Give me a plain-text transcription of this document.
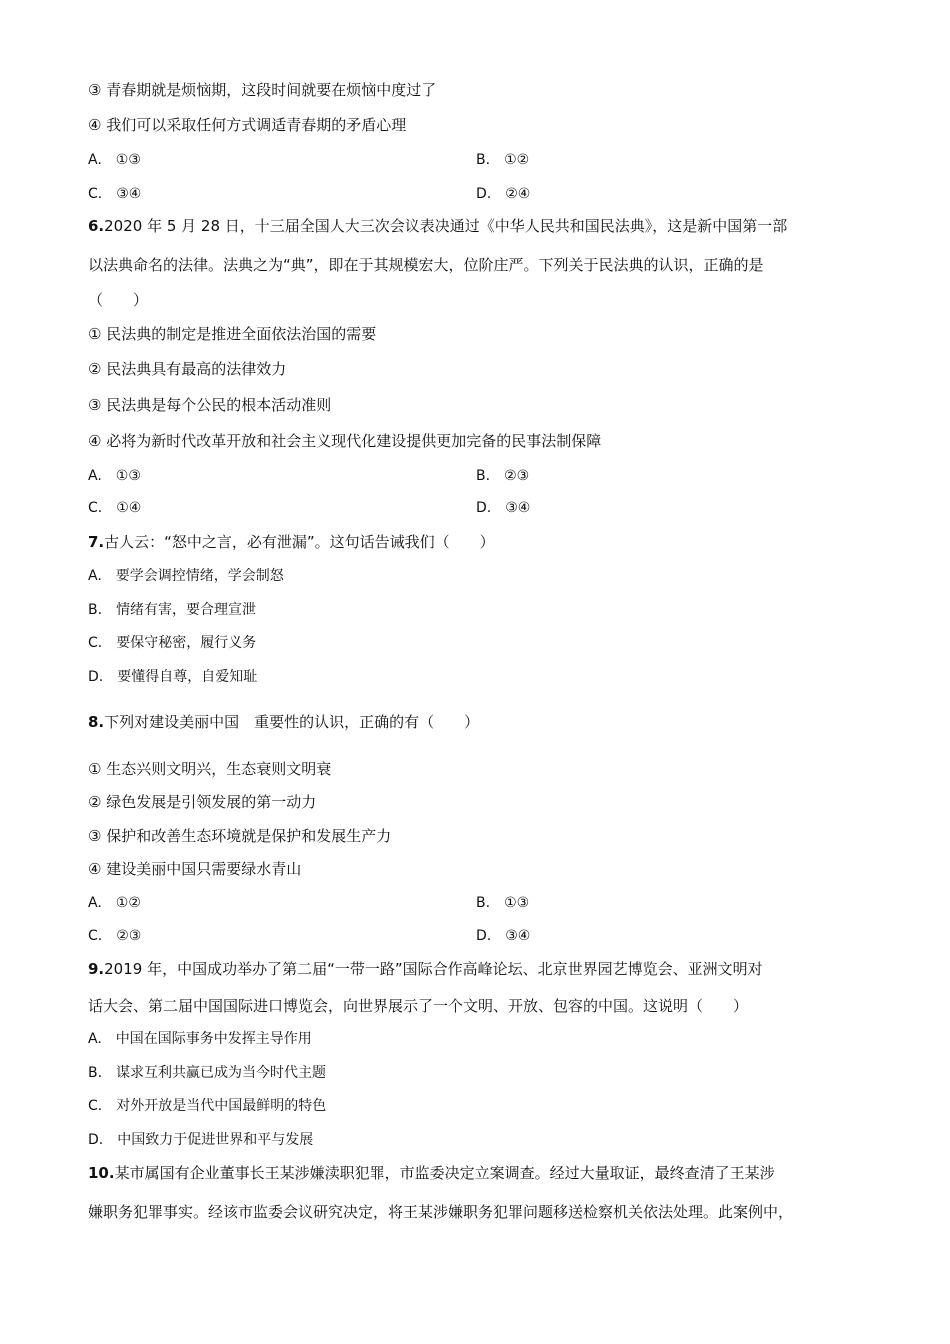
③ 青春期就是烦恼期，这段时间就要在烦恼中度过了
④ 我们可以采取任何方式调适青春期的矛盾心理
A. ①③	B. ①②
C. ③④	D. ②④
6.2020 年 5 月 28 日，十三届全国人大三次会议表决通过《中华人民共和国民法典》，这是新中国第一部
以法典命名的法律。法典之为“典”，即在于其规模宏大，位阶庄严。下列关于民法典的认识，正确的是
（　　）
① 民法典的制定是推进全面依法治国的需要
② 民法典具有最高的法律效力
③ 民法典是每个公民的根本活动准则
④ 必将为新时代改革开放和社会主义现代化建设提供更加完备的民事法制保障
A. ①③	B. ②③
C. ①④	D. ③④
7.古人云：“怒中之言，必有泄漏”。这句话告诫我们（　　）
A. 要学会调控情绪，学会制怒
B. 情绪有害，要合理宣泄
C. 要保守秘密，履行义务
D. 要懂得自尊，自爱知耻
8.下列对建设美丽中国　重要性的认识，正确的有（　　）
① 生态兴则文明兴，生态衰则文明衰
② 绿色发展是引领发展的第一动力
③ 保护和改善生态环境就是保护和发展生产力
④ 建设美丽中国只需要绿水青山
A. ①②	B. ①③
C. ②③	D. ③④
9.2019 年，中国成功举办了第二届“一带一路”国际合作高峰论坛、北京世界园艺博览会、亚洲文明对
话大会、第二届中国国际进口博览会，向世界展示了一个文明、开放、包容的中国。这说明（　　）
A. 中国在国际事务中发挥主导作用
B. 谋求互利共赢已成为当今时代主题
C. 对外开放是当代中国最鲜明的特色
D. 中国致力于促进世界和平与发展
10.某市属国有企业董事长王某涉嫌渎职犯罪，市监委决定立案调查。经过大量取证，最终查清了王某涉
嫌职务犯罪事实。经该市监委会议研究决定，将王某涉嫌职务犯罪问题移送检察机关依法处理。此案例中，
